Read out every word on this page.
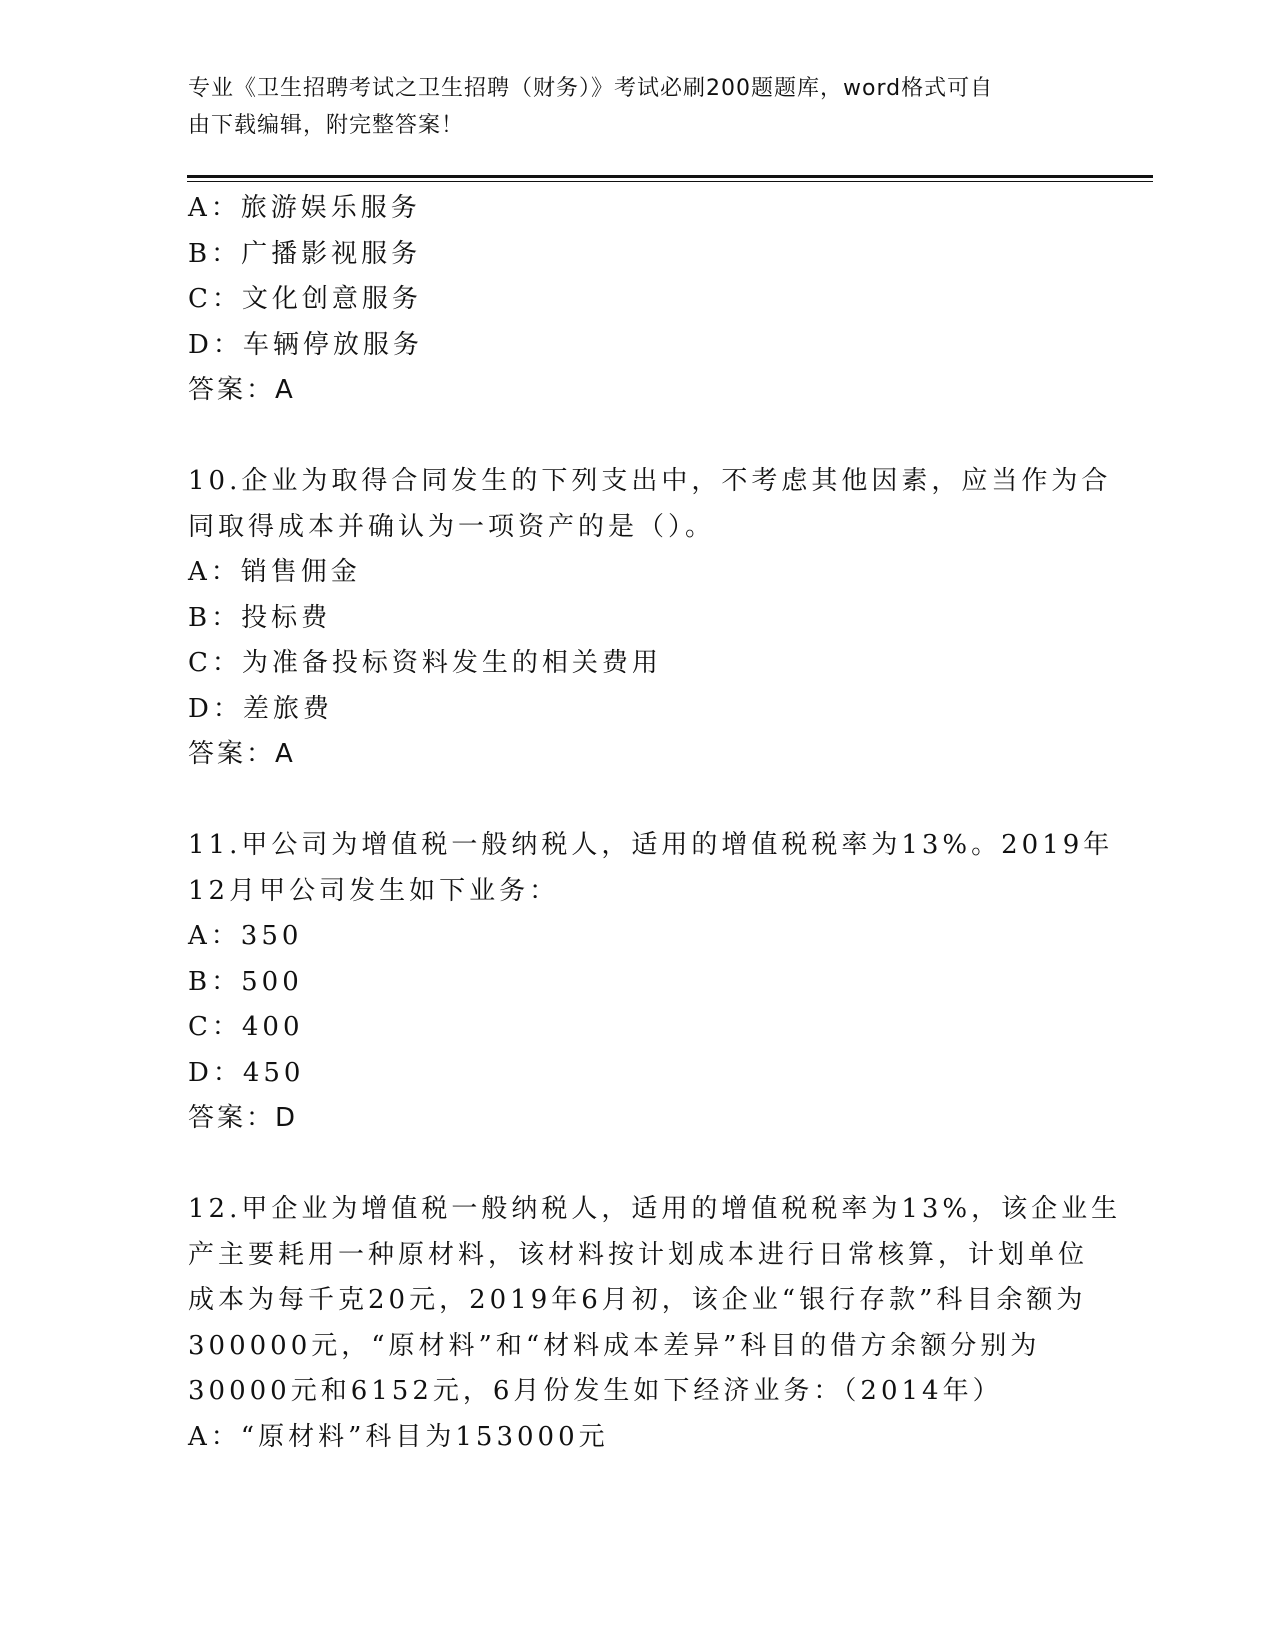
专业《卫生招聘考试之卫生招聘（财务）》考试必刷200题题库，word格式可自
由下载编辑，附完整答案！
A：旅游娱乐服务
B：广播影视服务
C：文化创意服务
D：车辆停放服务
答案：A
10.企业为取得合同发生的下列支出中，不考虑其他因素，应当作为合
同取得成本并确认为一项资产的是（）。
A：销售佣金
B：投标费
C：为准备投标资料发生的相关费用
D：差旅费
答案：A
11.甲公司为增值税一般纳税人，适用的增值税税率为13%。2019年
12月甲公司发生如下业务：
A：350
B：500
C：400
D：450
答案：D
12.甲企业为增值税一般纳税人，适用的增值税税率为13%，该企业生
产主要耗用一种原材料，该材料按计划成本进行日常核算，计划单位
成本为每千克20元，2019年6月初，该企业“银行存款”科目余额为
300000元，“原材料”和“材料成本差异”科目的借方余额分别为
30000元和6152元，6月份发生如下经济业务：（2014年）
A：“原材料”科目为153000元
